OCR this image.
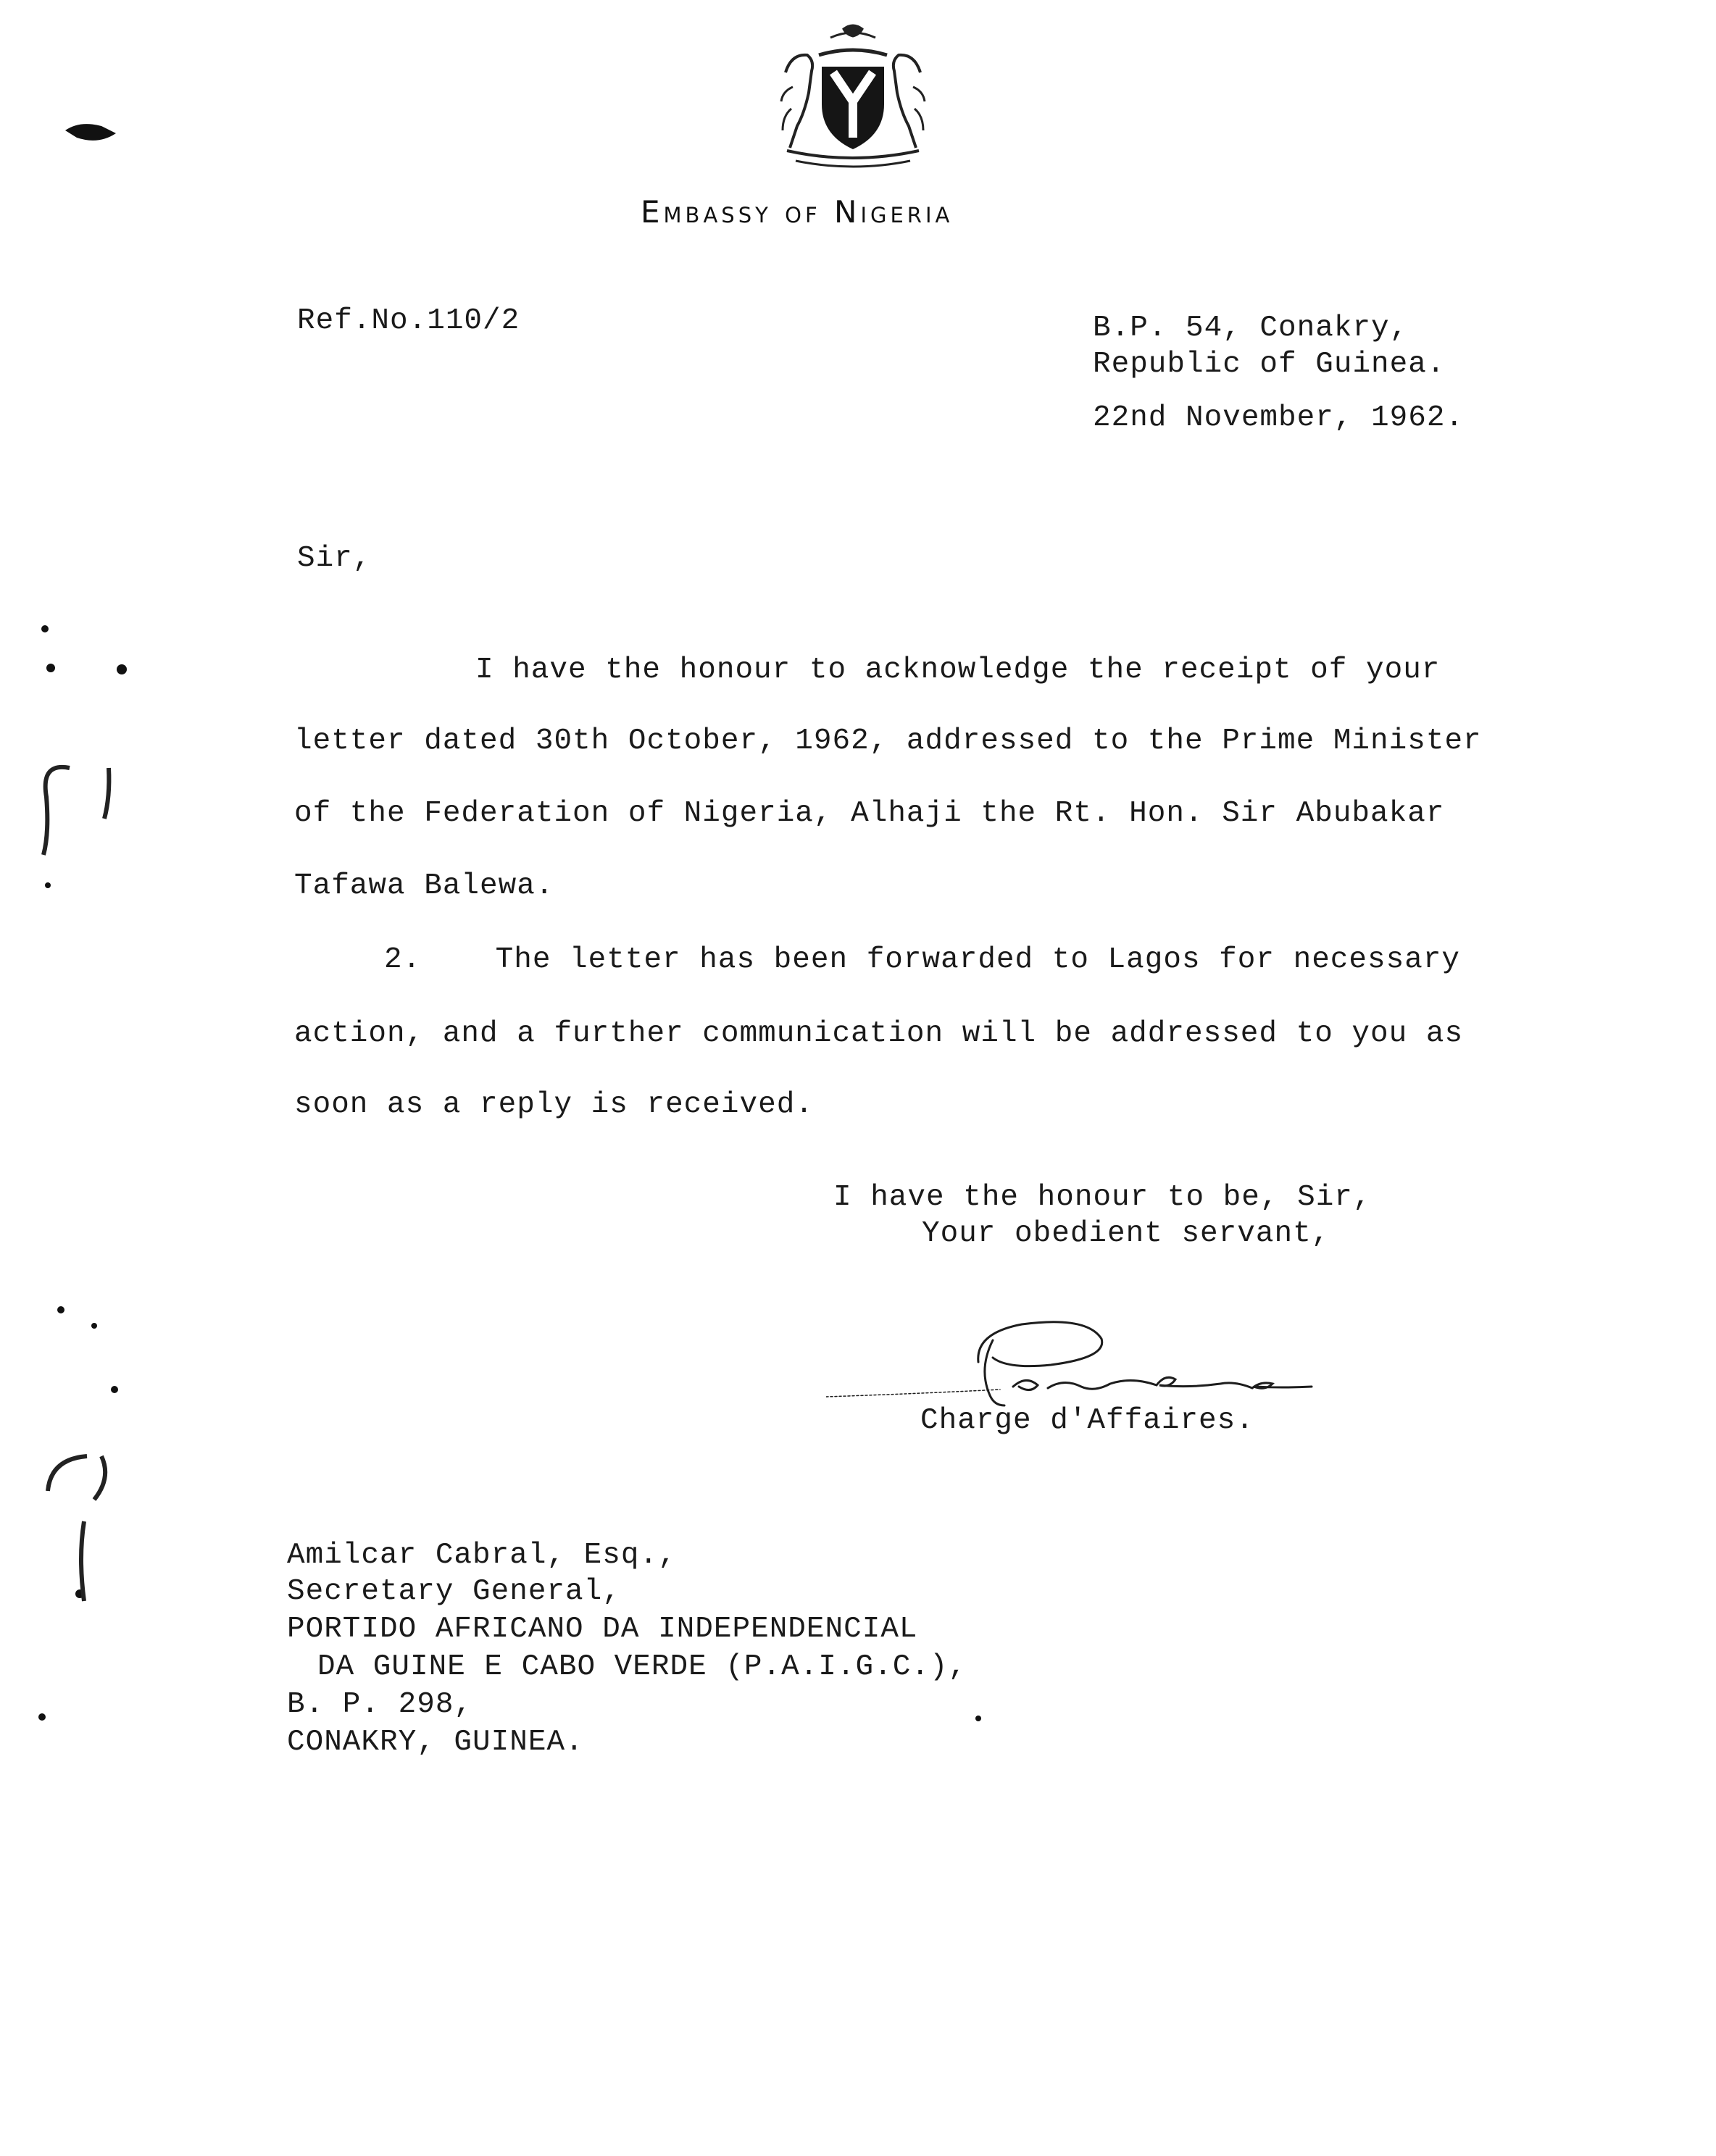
Embassy of Nigeria
Ref.No.110/2	B.P. 54, Conakry,
Republic of Guinea.
22nd November, 1962.
Sir,
I have the honour to acknowledge the receipt of your
letter dated 30th October, 1962, addressed to the Prime Minister
of the Federation of Nigeria, Alhaji the Rt. Hon. Sir Abubakar
Tafawa Balewa.
2.    The letter has been forwarded to Lagos for necessary
action, and a further communication will be addressed to you as
soon as a reply is received.
I have the honour to be, Sir,
Your obedient servant,
Charge d'Affaires.
Amilcar Cabral, Esq.,
Secretary General,
PORTIDO AFRICANO DA INDEPENDENCIAL
DA GUINE E CABO VERDE (P.A.I.G.C.),
B. P. 298,
CONAKRY, GUINEA.
